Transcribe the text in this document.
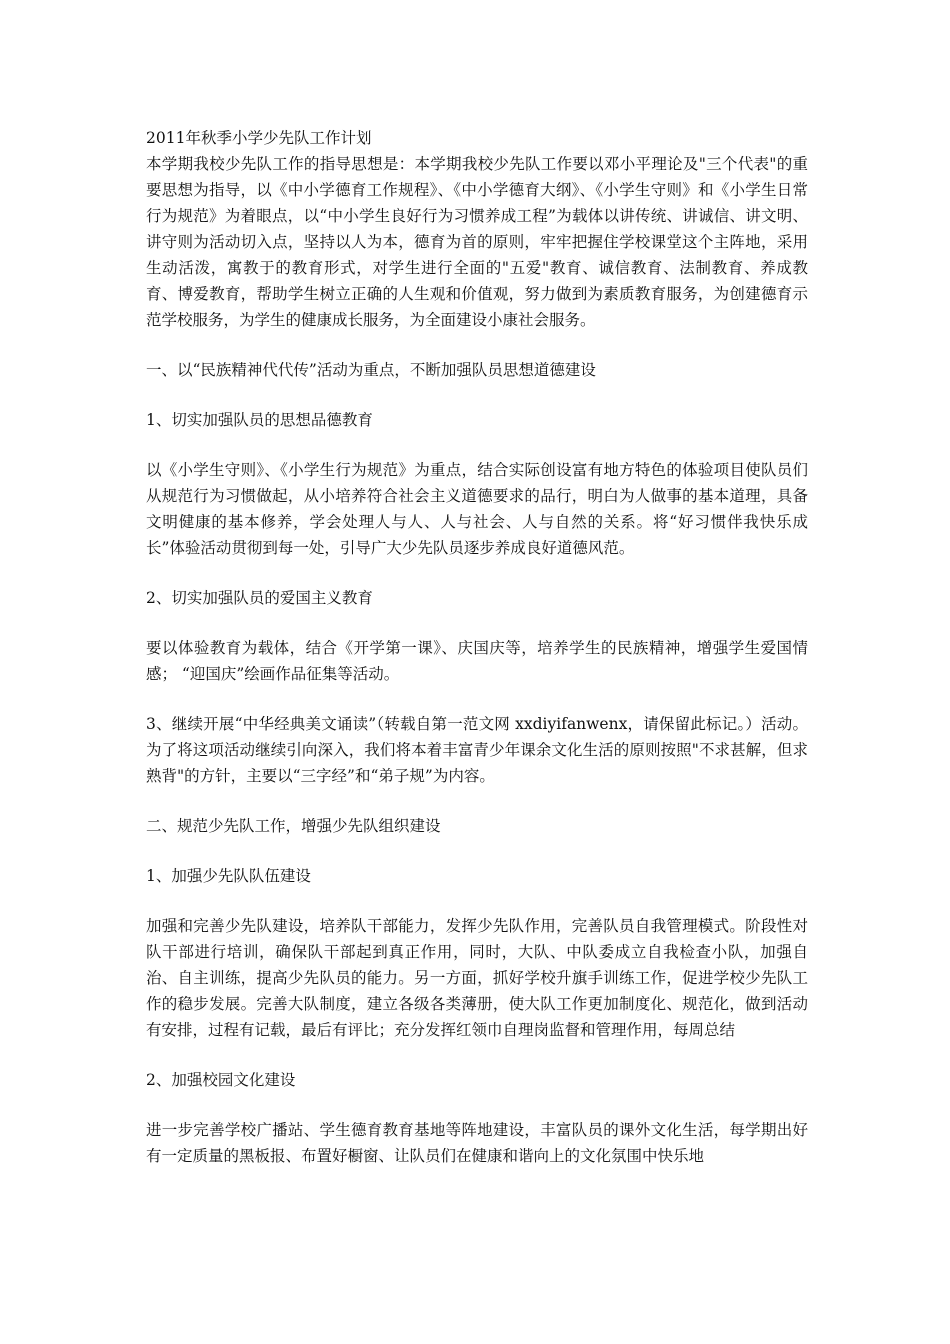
2011年秋季小学少先队工作计划

本学期我校少先队工作的指导思想是：本学期我校少先队工作要以邓小平理论及"三个代表"的重要思想为指导，以《中小学德育工作规程》、《中小学德育大纲》、《小学生守则》和《小学生日常行为规范》为着眼点，以“中小学生良好行为习惯养成工程”为载体以讲传统、讲诚信、讲文明、讲守则为活动切入点，坚持以人为本，德育为首的原则，牢牢把握住学校课堂这个主阵地，采用生动活泼，寓教于的教育形式，对学生进行全面的"五爱"教育、诚信教育、法制教育、养成教育、博爱教育，帮助学生树立正确的人生观和价值观，努力做到为素质教育服务，为创建德育示范学校服务，为学生的健康成长服务，为全面建设小康社会服务。

一、以“民族精神代代传”活动为重点，不断加强队员思想道德建设

1、切实加强队员的思想品德教育

以《小学生守则》、《小学生行为规范》为重点，结合实际创设富有地方特色的体验项目使队员们从规范行为习惯做起，从小培养符合社会主义道德要求的品行，明白为人做事的基本道理，具备文明健康的基本修养，学会处理人与人、人与社会、人与自然的关系。将“好习惯伴我快乐成长”体验活动贯彻到每一处，引导广大少先队员逐步养成良好道德风范。

2、切实加强队员的爱国主义教育

要以体验教育为载体，结合《开学第一课》、庆国庆等，培养学生的民族精神，增强学生爱国情感； “迎国庆”绘画作品征集等活动。

3、继续开展“中华经典美文诵读”（转载自第一范文网 xxdiyifanwenx，请保留此标记。）活动。为了将这项活动继续引向深入，我们将本着丰富青少年课余文化生活的原则按照"不求甚解，但求熟背"的方针，主要以“三字经”和“弟子规”为内容。

二、规范少先队工作，增强少先队组织建设

1、加强少先队队伍建设

加强和完善少先队建设，培养队干部能力，发挥少先队作用，完善队员自我管理模式。阶段性对队干部进行培训，确保队干部起到真正作用，同时，大队、中队委成立自我检查小队，加强自治、自主训练，提高少先队员的能力。另一方面，抓好学校升旗手训练工作，促进学校少先队工作的稳步发展。完善大队制度，建立各级各类薄册，使大队工作更加制度化、规范化，做到活动有安排，过程有记载，最后有评比；充分发挥红领巾自理岗监督和管理作用，每周总结

2、加强校园文化建设

进一步完善学校广播站、学生德育教育基地等阵地建设，丰富队员的课外文化生活，每学期出好有一定质量的黑板报、布置好橱窗、让队员们在健康和谐向上的文化氛围中快乐地
